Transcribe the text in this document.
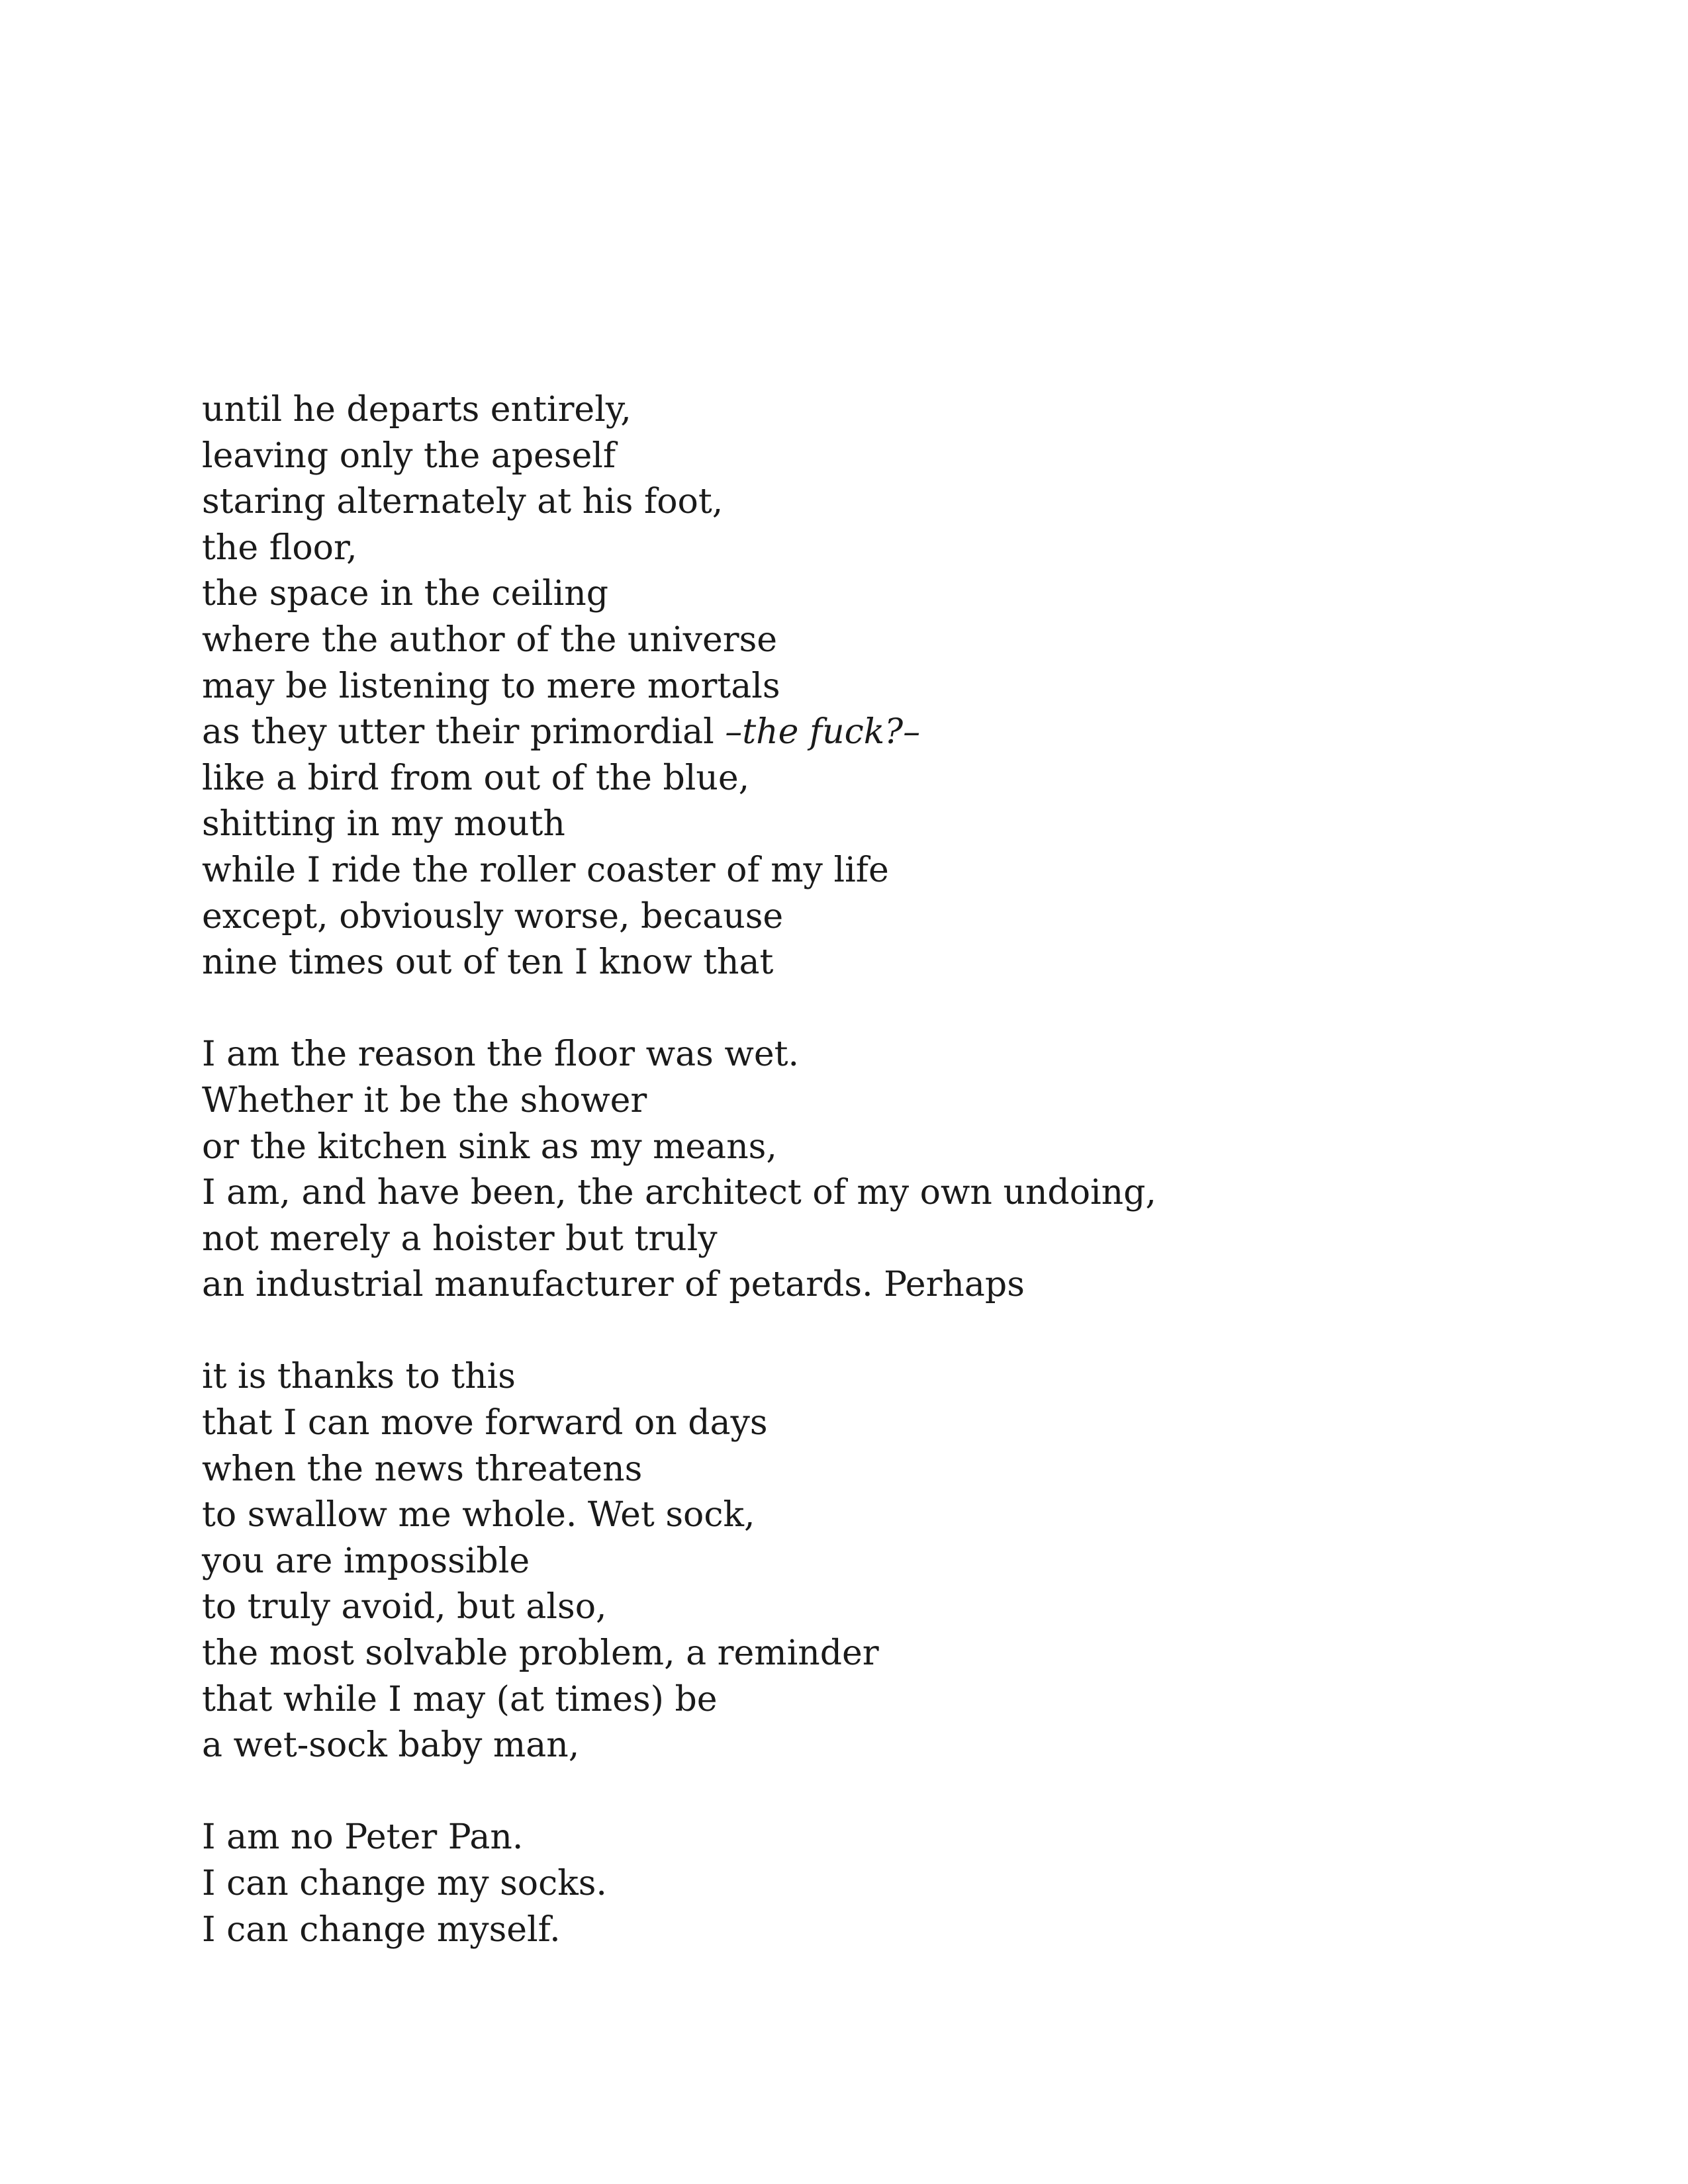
until he departs entirely,
leaving only the apeself
staring alternately at his foot,
the floor,
the space in the ceiling
where the author of the universe
may be listening to mere mortals
as they utter their primordial –the fuck?–
like a bird from out of the blue,
shitting in my mouth
while I ride the roller coaster of my life
except, obviously worse, because
nine times out of ten I know that
I am the reason the floor was wet.
Whether it be the shower
or the kitchen sink as my means,
I am, and have been, the architect of my own undoing,
not merely a hoister but truly
an industrial manufacturer of petards. Perhaps
it is thanks to this
that I can move forward on days
when the news threatens
to swallow me whole. Wet sock,
you are impossible
to truly avoid, but also,
the most solvable problem, a reminder
that while I may (at times) be
a wet-sock baby man,
I am no Peter Pan.
I can change my socks.
I can change myself.
